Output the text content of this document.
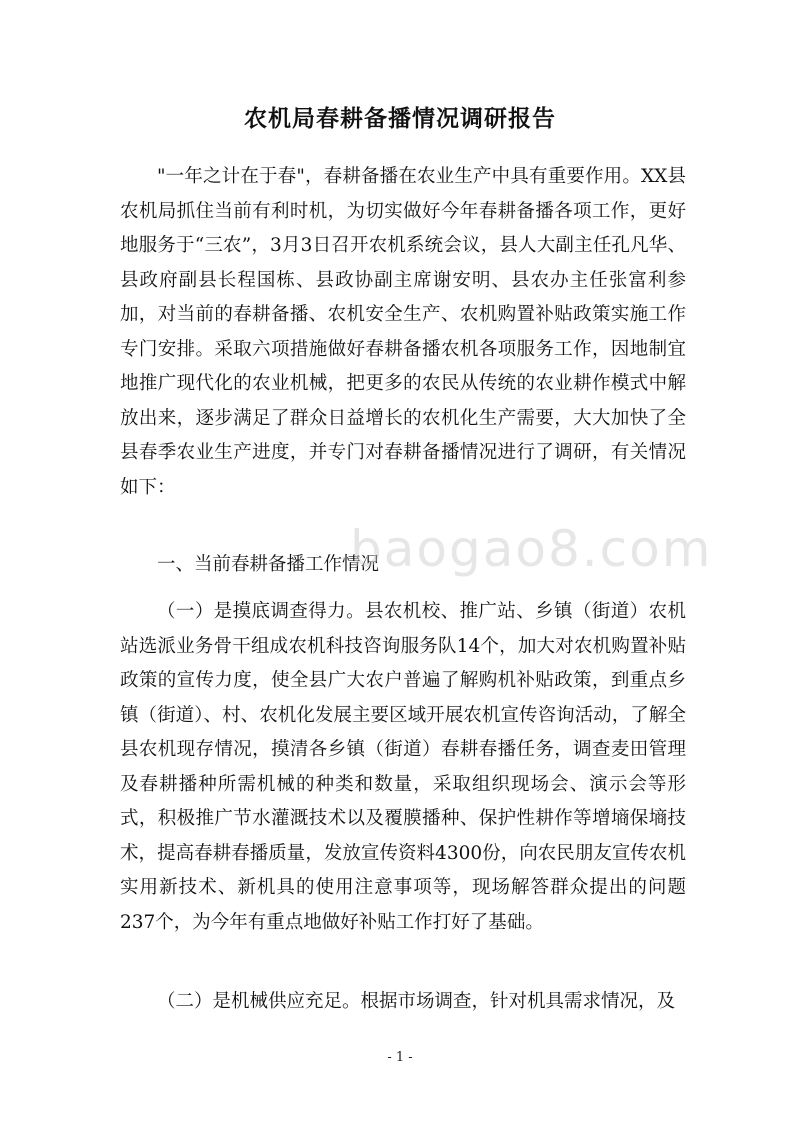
农机局春耕备播情况调研报告
"一年之计在于春"，春耕备播在农业生产中具有重要作用。XX县农机局抓住当前有利时机，为切实做好今年春耕备播各项工作，更好地服务于“三农”，3月3日召开农机系统会议，县人大副主任孔凡华、县政府副县长程国栋、县政协副主席谢安明、县农办主任张富利参加，对当前的春耕备播、农机安全生产、农机购置补贴政策实施工作专门安排。采取六项措施做好春耕备播农机各项服务工作，因地制宜地推广现代化的农业机械，把更多的农民从传统的农业耕作模式中解放出来，逐步满足了群众日益增长的农机化生产需要，大大加快了全县春季农业生产进度，并专门对春耕备播情况进行了调研，有关情况如下：
一、当前春耕备播工作情况
（一）是摸底调查得力。县农机校、推广站、乡镇（街道）农机站选派业务骨干组成农机科技咨询服务队14个，加大对农机购置补贴政策的宣传力度，使全县广大农户普遍了解购机补贴政策，到重点乡镇（街道）、村、农机化发展主要区域开展农机宣传咨询活动，了解全县农机现存情况，摸清各乡镇（街道）春耕春播任务，调查麦田管理及春耕播种所需机械的种类和数量，采取组织现场会、演示会等形式，积极推广节水灌溉技术以及覆膜播种、保护性耕作等增墒保墒技术，提高春耕春播质量，发放宣传资料4300份，向农民朋友宣传农机实用新技术、新机具的使用注意事项等，现场解答群众提出的问题237个，为今年有重点地做好补贴工作打好了基础。
（二）是机械供应充足。根据市场调查，针对机具需求情况，及
baogao8.com
- 1 -
